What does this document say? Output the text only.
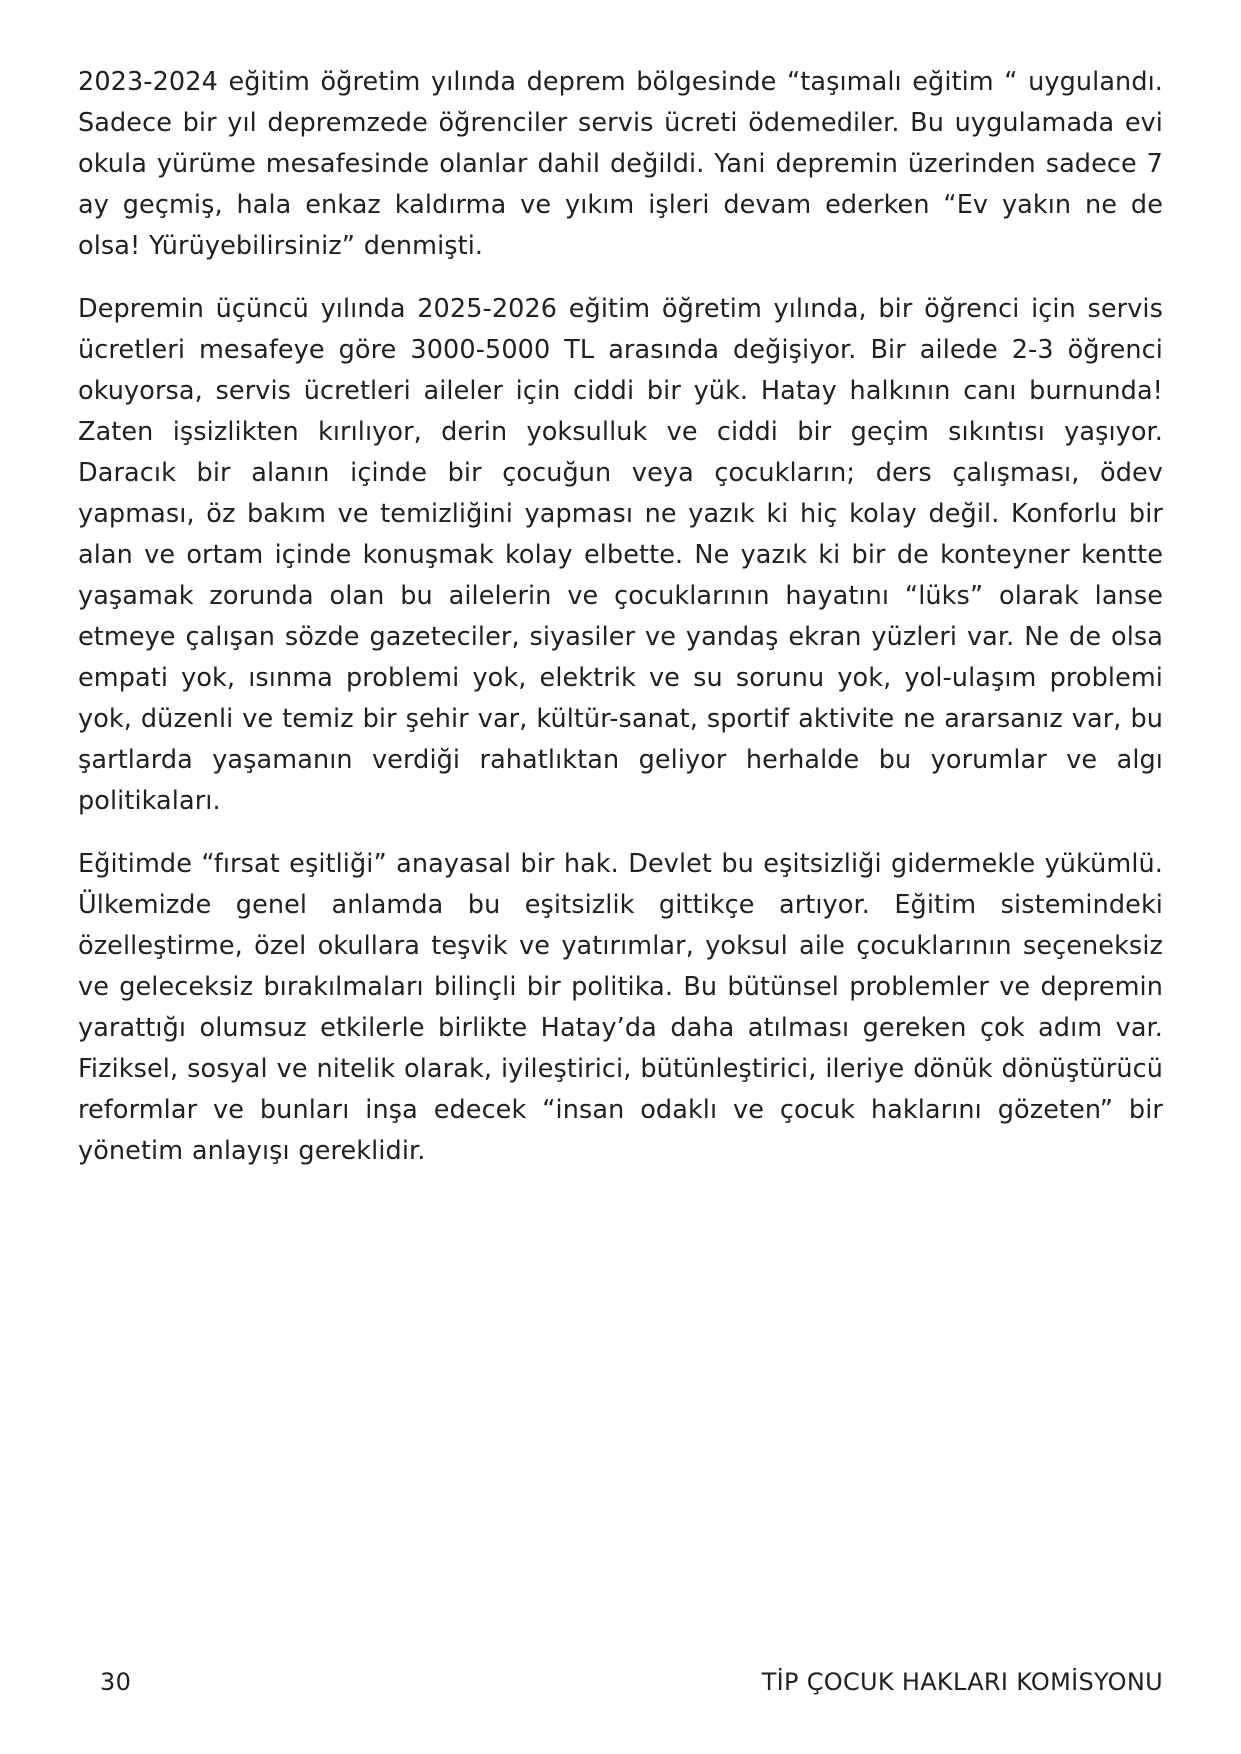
2023-2024 eğitim öğretim yılında deprem bölgesinde “taşımalı eğitim “ uygulandı. Sadece bir yıl depremzede öğrenciler servis ücreti ödemediler. Bu uygulamada evi okula yürüme mesafesinde olanlar dahil değildi. Yani depremin üzerinden sadece 7 ay geçmiş, hala enkaz kaldırma ve yıkım işleri devam ederken “Ev yakın ne de olsa! Yürüyebilirsiniz” denmişti.

Depremin üçüncü yılında 2025-2026 eğitim öğretim yılında, bir öğrenci için servis ücretleri mesafeye göre 3000-5000 TL arasında değişiyor. Bir ailede 2-3 öğrenci okuyorsa, servis ücretleri aileler için ciddi bir yük. Hatay halkının canı burnunda! Zaten işsizlikten kırılıyor, derin yoksulluk ve ciddi bir geçim sıkıntısı yaşıyor. Daracık bir alanın içinde bir çocuğun veya çocukların; ders çalışması, ödev yapması, öz bakım ve temizliğini yapması ne yazık ki hiç kolay değil. Konforlu bir alan ve ortam içinde konuşmak kolay elbette. Ne yazık ki bir de konteyner kentte yaşamak zorunda olan bu ailelerin ve çocuklarının hayatını “lüks” olarak lanse etmeye çalışan sözde gazeteciler, siyasiler ve yandaş ekran yüzleri var. Ne de olsa empati yok, ısınma problemi yok, elektrik ve su sorunu yok, yol-ulaşım problemi yok, düzenli ve temiz bir şehir var, kültür-sanat, sportif aktivite ne ararsanız var, bu şartlarda yaşamanın verdiği rahatlıktan geliyor herhalde bu yorumlar ve algı politikaları.

Eğitimde “fırsat eşitliği” anayasal bir hak. Devlet bu eşitsizliği gidermekle yükümlü. Ülkemizde genel anlamda bu eşitsizlik gittikçe artıyor. Eğitim sistemindeki özelleştirme, özel okullara teşvik ve yatırımlar, yoksul aile çocuklarının seçeneksiz ve geleceksiz bırakılmaları bilinçli bir politika. Bu bütünsel problemler ve depremin yarattığı olumsuz etkilerle birlikte Hatay’da daha atılması gereken çok adım var. Fiziksel, sosyal ve nitelik olarak, iyileştirici, bütünleştirici, ileriye dönük dönüştürücü reformlar ve bunları inşa edecek “insan odaklı ve çocuk haklarını gözeten” bir yönetim anlayışı gereklidir.

30	TİP ÇOCUK HAKLARI KOMİSYONU
